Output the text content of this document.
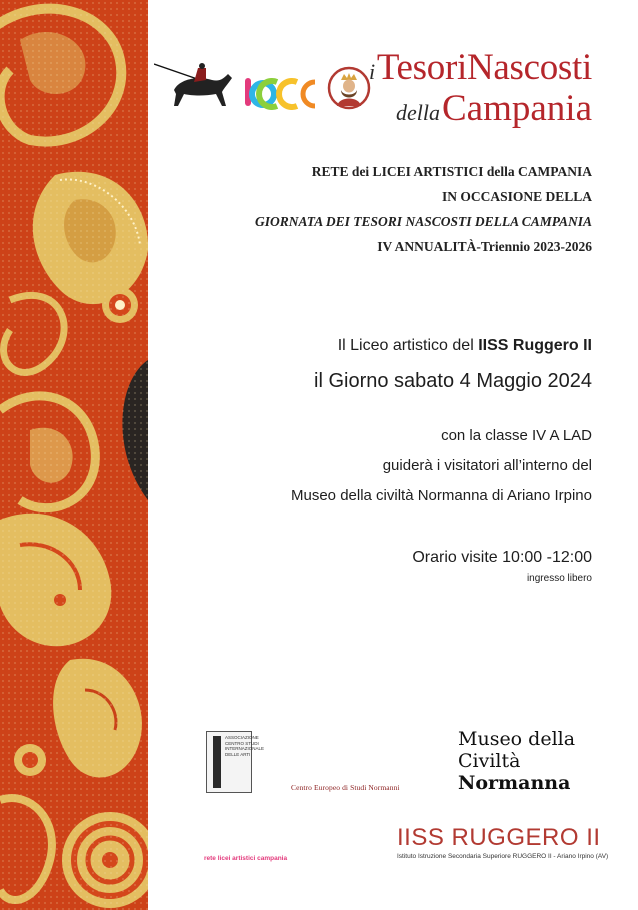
iTesoriNascosti
dellaCampania
RETE dei LICEI ARTISTICI della CAMPANIA
IN OCCASIONE DELLA
GIORNATA DEI TESORI NASCOSTI DELLA CAMPANIA
IV ANNUALITÀ-Triennio 2023-2026
Il Liceo artistico del IISS Ruggero II
il Giorno sabato 4 Maggio 2024
con la classe IV A LAD
guiderà i visitatori all’interno del
Museo della civiltà Normanna di Ariano Irpino
Orario visite 10:00 -12:00
ingresso libero

Museo della
Civiltà
Normanna
ASSOCIAZIONE CENTRO STUDI INTERNAZIONALE DELLE ARTI

Centro Europeo di Studi Normanni

rete licei artistici campania
IISS RUGGERO II
Istituto Istruzione Secondaria Superiore RUGGERO II - Ariano Irpino (AV)
